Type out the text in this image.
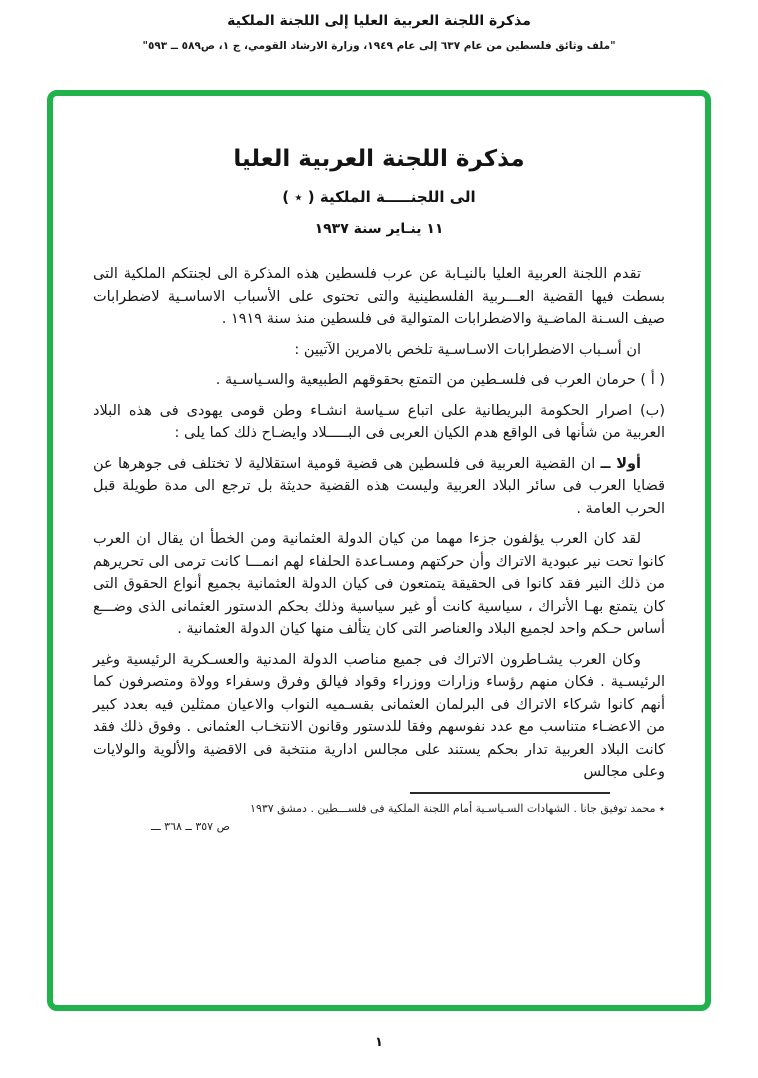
مذكرة اللجنة العربية العليا إلى اللجنة الملكية
"ملف وثائق فلسطين من عام ٦٣٧ إلى عام ١٩٤٩، وزارة الارشاد القومي، ج ١، ص٥٨٩ ــ ٥٩٣"
مذكرة اللجنة العربية العليا
الى اللجنـــــة الملكية ( ٭ )
١١ ينـاير سنة ١٩٣٧

تقدم اللجنة العربية العليا بالنيـابة عن عرب فلسطين هذه المذكرة الى لجنتكم الملكية التى بسطت فيها القضية العـــربية الفلسطينية والتى تحتوى على الأسباب الاساسـية لاضطرابات صيف السـنة الماضـية والاضطرابات المتوالية فى فلسطين منذ سنة ١٩١٩ .

ان أسـباب الاضطرابات الاسـاسـية تلخص بالامرين الآتيين :

( أ ) حرمان العرب فى فلسـطين من التمتع بحقوقهم الطبيعية والسـياسـية .

(ب) اصرار الحكومة البريطانية على اتباع سـياسة انشـاء وطن قومى يهودى فى هذه البلاد العربية من شأنها فى الواقع هدم الكيان العربى فى البـــــلاد وايضـاح ذلك كما يلى :

أولا ــ ان القضية العربية فى فلسطين هى قضية قومية استقلالية لا تختلف فى جوهرها عن قضايا العرب فى سائر البلاد العربية وليست هذه القضية حديثة بل ترجع الى مدة طويلة قبل الحرب العامة .

لقد كان العرب يؤلفون جزءا مهما من كيان الدولة العثمانية ومن الخطأ ان يقال ان العرب كانوا تحت نير عبودية الاتراك وأن حركتهم ومسـاعدة الحلفاء لهم انمـــا كانت ترمى الى تحريرهم من ذلك النير فقد كانوا فى الحقيقة يتمتعون فى كيان الدولة العثمانية بجميع أنواع الحقوق التى كان يتمتع بهـا الأتراك ، سياسية كانت أو غير سياسية وذلك بحكم الدستور العثمانى الذى وضـــع أساس حـكم واحد لجميع البلاد والعناصر التى كان يتألف منها كيان الدولة العثمانية .

وكان العرب يشـاطرون الاتراك فى جميع مناصب الدولة المدنية والعسـكرية الرئيسية وغير الرئيسـية . فكان منهم رؤساء وزارات ووزراء وقواد فيالق وفرق وسفراء وولاة ومتصرفون كما أنهم كانوا شركاء الاتراك فى البرلمان العثمانى بقسـميه النواب والاعيان ممثلين فيه بعدد كبير من الاعضـاء متناسب مع عدد نفوسهم وفقا للدستور وقانون الانتخـاب العثمانى . وفوق ذلك فقد كانت البلاد العربية تدار بحكم يستند على مجالس ادارية منتخبة فى الاقضية والألوية والولايات وعلى مجالس

٭ محمد توفيق جانا . الشهادات السـياسـية أمام اللجنة الملكية فى فلســـطين . دمشق ١٩٣٧
ص ٣٥٧ ــ ٣٦٨ ـــ
١
